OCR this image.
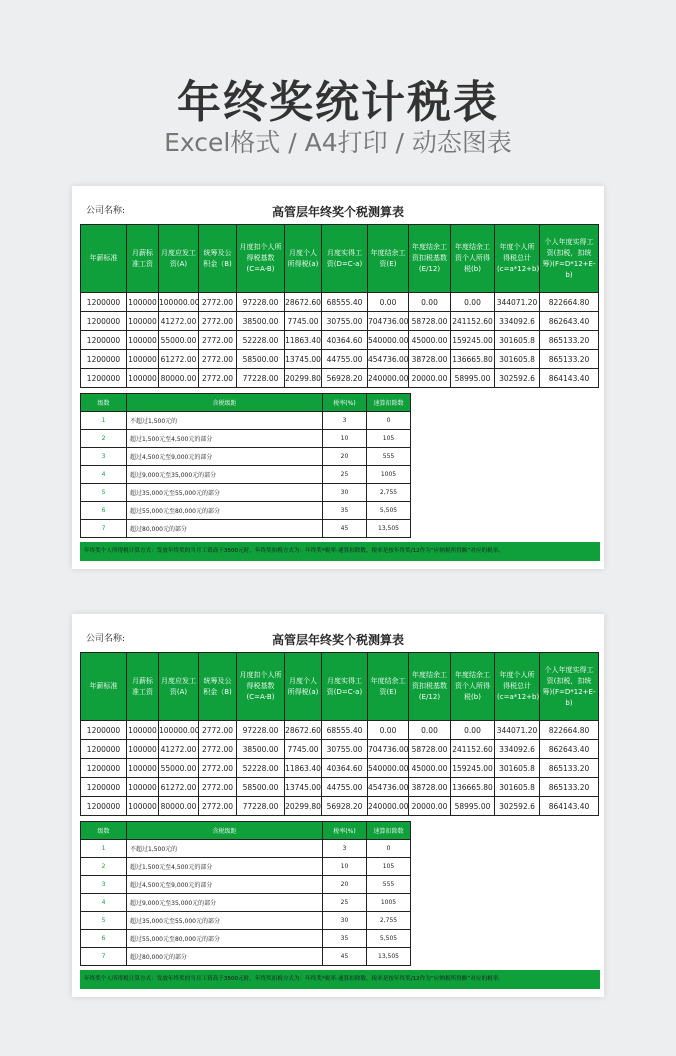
年终奖统计税表
Excel格式 / A4打印 / 动态图表
公司名称:	高管层年终奖个税测算表
年薪标准	月薪标准工资	月度应发工资(A)	统筹及公积金（B)	月度扣个人所得税基数(C=A-B)	月度个人所得税(a)	月度实得工资(D=C-a)	年度结余工资(E)	年度结余工资扣税基数(E/12)	年度结余工资个人所得税(b)	年度个人所得税总计(c=a*12+b)	个人年度实得工资(扣税，扣统筹)(F=D*12+E-b)
1200000	100000	100000.00	2772.00	97228.00	28672.60	68555.40	0.00	0.00	0.00	344071.20	822664.80
1200000	100000	41272.00	2772.00	38500.00	7745.00	30755.00	704736.00	58728.00	241152.60	334092.6	862643.40
1200000	100000	55000.00	2772.00	52228.00	11863.40	40364.60	540000.00	45000.00	159245.00	301605.8	865133.20
1200000	100000	61272.00	2772.00	58500.00	13745.00	44755.00	454736.00	38728.00	136665.80	301605.8	865133.20
1200000	100000	80000.00	2772.00	77228.00	20299.80	56928.20	240000.00	20000.00	58995.00	302592.6	864143.40
级数	含税级距	税率(%)	速算扣除数
1	不超过1,500元的	3	0
2	超过1,500元至4,500元的部分	10	105
3	超过4,500元至9,000元的部分	20	555
4	超过9,000元至35,000元的部分	25	1005
5	超过35,000元至55,000元的部分	30	2,755
6	超过55,000元至80,000元的部分	35	5,505
7	超过80,000元的部分	45	13,505
年终奖个人所得税计算方式：发放年终奖的当月工资高于3500元时，年终奖扣税方式为：年终奖*税率-速算扣除数，税率是按年终奖/12作为“应纳税所得额”对应的税率。
公司名称:	高管层年终奖个税测算表
年薪标准	月薪标准工资	月度应发工资(A)	统筹及公积金（B)	月度扣个人所得税基数(C=A-B)	月度个人所得税(a)	月度实得工资(D=C-a)	年度结余工资(E)	年度结余工资扣税基数(E/12)	年度结余工资个人所得税(b)	年度个人所得税总计(c=a*12+b)	个人年度实得工资(扣税，扣统筹)(F=D*12+E-b)
1200000	100000	100000.00	2772.00	97228.00	28672.60	68555.40	0.00	0.00	0.00	344071.20	822664.80
1200000	100000	41272.00	2772.00	38500.00	7745.00	30755.00	704736.00	58728.00	241152.60	334092.6	862643.40
1200000	100000	55000.00	2772.00	52228.00	11863.40	40364.60	540000.00	45000.00	159245.00	301605.8	865133.20
1200000	100000	61272.00	2772.00	58500.00	13745.00	44755.00	454736.00	38728.00	136665.80	301605.8	865133.20
1200000	100000	80000.00	2772.00	77228.00	20299.80	56928.20	240000.00	20000.00	58995.00	302592.6	864143.40
级数	含税级距	税率(%)	速算扣除数
1	不超过1,500元的	3	0
2	超过1,500元至4,500元的部分	10	105
3	超过4,500元至9,000元的部分	20	555
4	超过9,000元至35,000元的部分	25	1005
5	超过35,000元至55,000元的部分	30	2,755
6	超过55,000元至80,000元的部分	35	5,505
7	超过80,000元的部分	45	13,505
年终奖个人所得税计算方式：发放年终奖的当月工资高于3500元时，年终奖扣税方式为：年终奖*税率-速算扣除数，税率是按年终奖/12作为“应纳税所得额”对应的税率。
